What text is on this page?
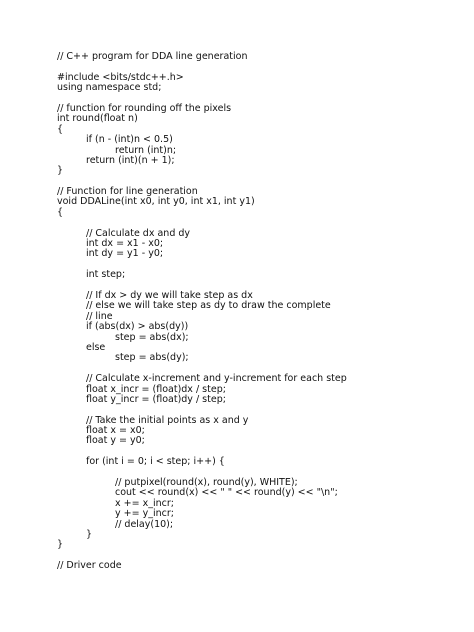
// C++ program for DDA line generation
#include <bits/stdc++.h>
using namespace std;
// function for rounding off the pixels
int round(float n)
{
if (n - (int)n < 0.5)
return (int)n;
return (int)(n + 1);
}
// Function for line generation
void DDALine(int x0, int y0, int x1, int y1)
{
// Calculate dx and dy
int dx = x1 - x0;
int dy = y1 - y0;
int step;
// If dx > dy we will take step as dx
// else we will take step as dy to draw the complete
// line
if (abs(dx) > abs(dy))
step = abs(dx);
else
step = abs(dy);
// Calculate x-increment and y-increment for each step
float x_incr = (float)dx / step;
float y_incr = (float)dy / step;
// Take the initial points as x and y
float x = x0;
float y = y0;
for (int i = 0; i < step; i++) {
// putpixel(round(x), round(y), WHITE);
cout << round(x) << " " << round(y) << "\n";
x += x_incr;
y += y_incr;
// delay(10);
}
}
// Driver code
